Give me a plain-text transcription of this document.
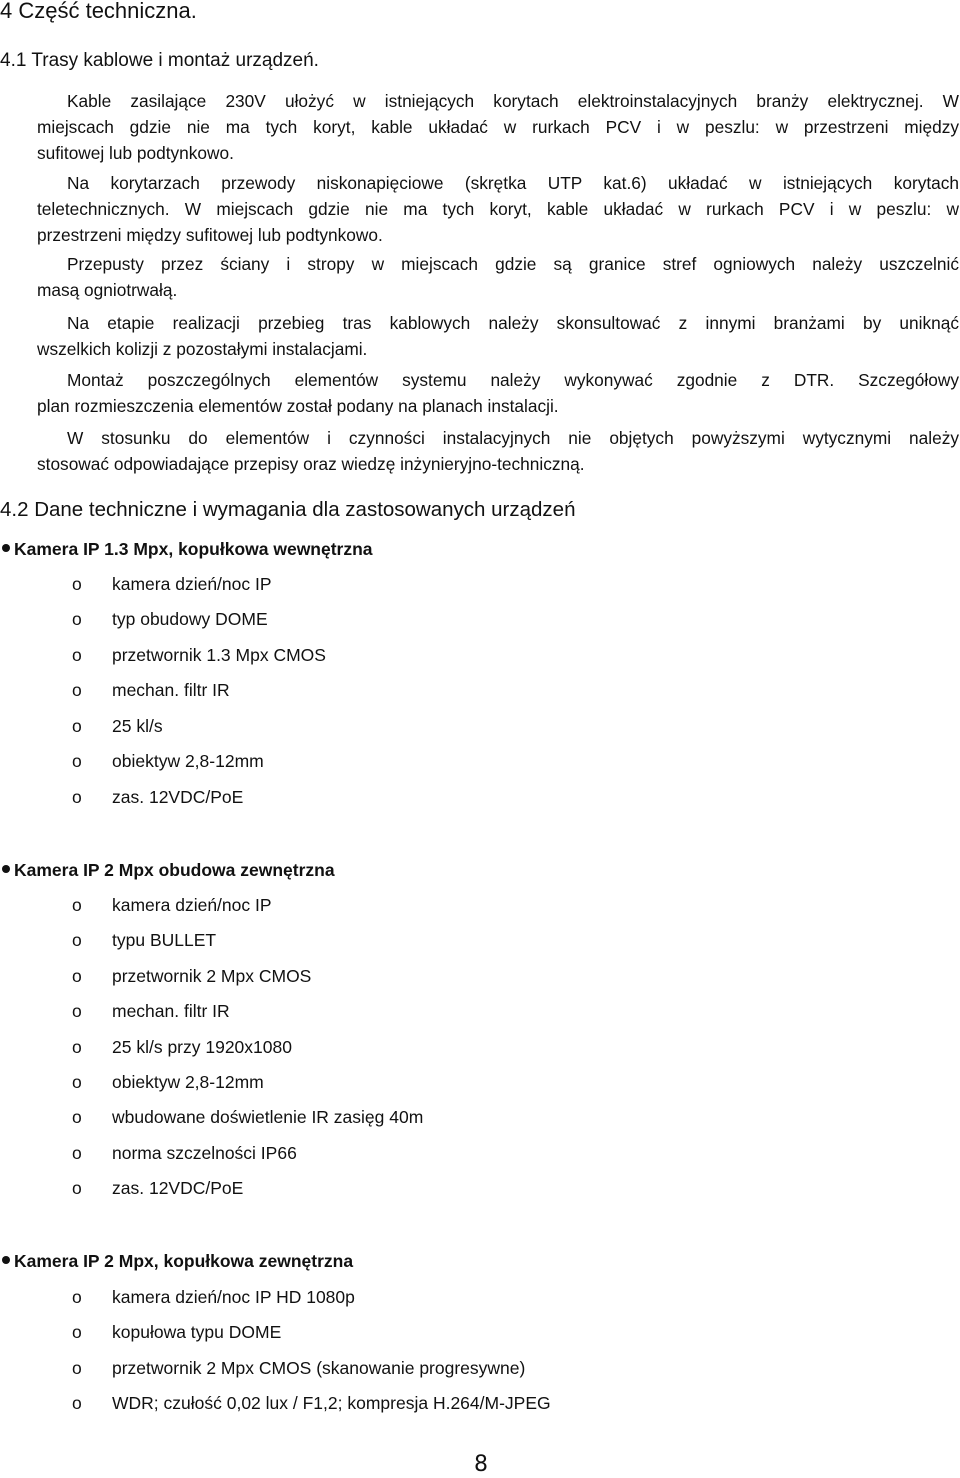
4 Część techniczna.
4.1 Trasy kablowe i montaż urządzeń.
Kable zasilające 230V ułożyć w istniejących korytach elektroinstalacyjnych branży elektrycznej. W
miejscach gdzie nie ma tych koryt, kable układać w rurkach PCV i w peszlu: w przestrzeni między
sufitowej lub podtynkowo.
Na korytarzach przewody niskonapięciowe (skrętka UTP kat.6) układać w istniejących korytach
teletechnicznych. W miejscach gdzie nie ma tych koryt, kable układać w rurkach PCV i w peszlu: w
przestrzeni między sufitowej lub podtynkowo.
Przepusty przez ściany i stropy w miejscach gdzie są granice stref ogniowych należy uszczelnić
masą ogniotrwałą.
Na etapie realizacji przebieg tras kablowych należy skonsultować z innymi branżami by uniknąć
wszelkich kolizji z pozostałymi instalacjami.
Montaż poszczególnych elementów systemu należy wykonywać zgodnie z DTR. Szczegółowy
plan rozmieszczenia elementów został podany na planach instalacji.
W stosunku do elementów i czynności instalacyjnych nie objętych powyższymi wytycznymi należy
stosować odpowiadające przepisy oraz wiedzę inżynieryjno-techniczną.
4.2 Dane techniczne i wymagania dla zastosowanych urządzeń
Kamera IP 1.3 Mpx, kopułkowa wewnętrzna
o kamera dzień/noc IP
o typ obudowy DOME
o przetwornik 1.3 Mpx CMOS
o mechan. filtr IR
o 25 kl/s
o obiektyw 2,8-12mm
o zas. 12VDC/PoE
Kamera IP 2 Mpx obudowa zewnętrzna
o kamera dzień/noc IP
o typu BULLET
o przetwornik 2 Mpx CMOS
o mechan. filtr IR
o 25 kl/s przy 1920x1080
o obiektyw 2,8-12mm
o wbudowane doświetlenie IR zasięg 40m
o norma szczelności IP66
o zas. 12VDC/PoE
Kamera IP 2 Mpx, kopułkowa zewnętrzna
o kamera dzień/noc IP HD 1080p
o kopułowa typu DOME
o przetwornik 2 Mpx CMOS (skanowanie progresywne)
o WDR; czułość 0,02 lux / F1,2; kompresja H.264/M-JPEG
8
